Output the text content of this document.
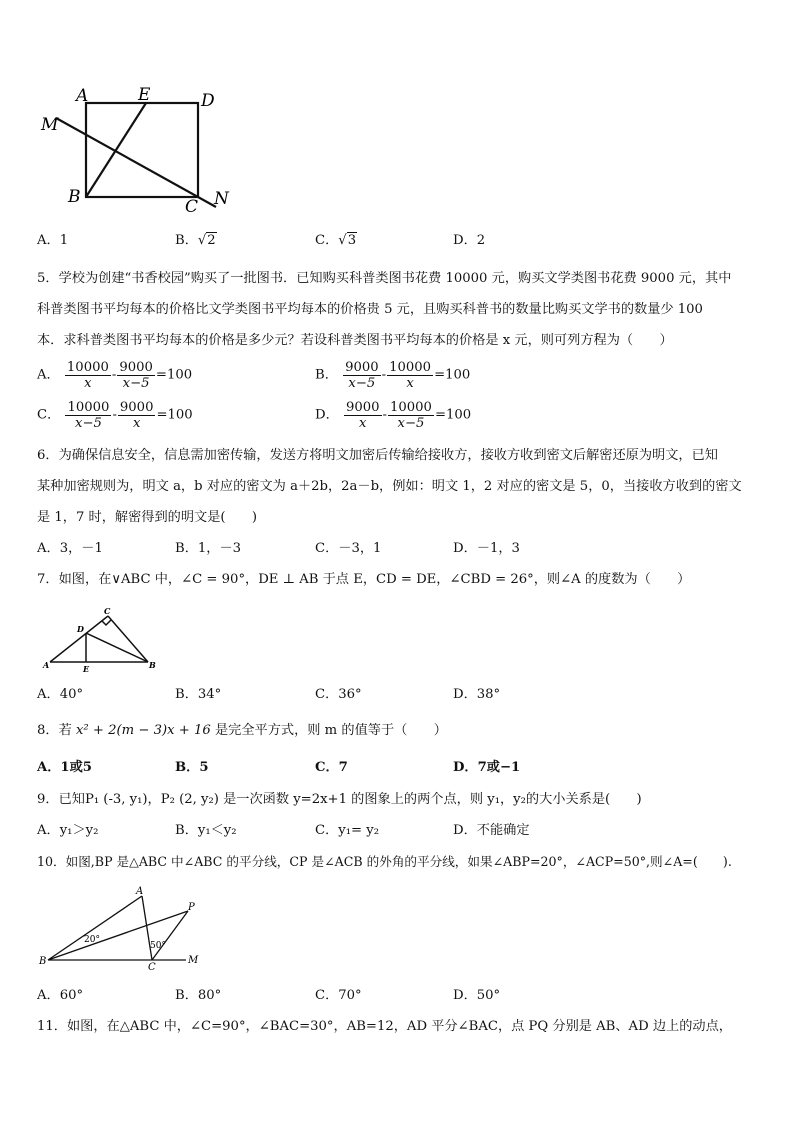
A	E	D
M
B	C N
A．1	B．√2	C．√3	D．2
5．学校为创建“书香校园”购买了一批图书．已知购买科普类图书花费 10000 元，购买文学类图书花费 9000 元，其中
科普类图书平均每本的价格比文学类图书平均每本的价格贵 5 元，且购买科普书的数量比购买文学书的数量少 100
本．求科普类图书平均每本的价格是多少元？若设科普类图书平均每本的价格是 x 元，则可列方程为（　　）
A． $\frac{10000}{x} - \frac{9000}{x-5} =100$	B． $\frac{9000}{x-5} - \frac{10000}{x} =100$
C． $\frac{10000}{x-5} - \frac{9000}{x} =100$	D． $\frac{9000}{x} - \frac{10000}{x-5} =100$
6．为确保信息安全，信息需加密传输，发送方将明文加密后传输给接收方，接收方收到密文后解密还原为明文，已知
某种加密规则为，明文 a，b 对应的密文为 a＋2b，2a－b，例如：明文 1，2 对应的密文是 5，0，当接收方收到的密文
是 1，7 时，解密得到的明文是(　　)
A．3，－1	B．1，－3	C．－3，1	D．－1，3
7．如图，在∨ABC 中，∠C = 90°，DE ⊥ AB 于点 E，CD = DE，∠CBD = 26°，则∠A 的度数为（　　）
C
D
A	E	B
A．40°	B．34°	C．36°	D．38°
8．若 x² + 2(m − 3)x + 16 是完全平方式，则 m 的值等于（　　）
A．1或5	B．5	C．7	D．7或−1
9．已知P₁ (-3, y₁)，P₂ (2, y₂) 是一次函数 y=2x+1 的图象上的两个点，则 y₁，y₂的大小关系是(　　)
A．y₁＞y₂	B．y₁＜y₂	C．y₁= y₂	D．不能确定
10．如图,BP 是△ABC 中∠ABC 的平分线，CP 是∠ACB 的外角的平分线，如果∠ABP=20°，∠ACP=50°,则∠A=(　　).
A
P
B
C
M
20°
50°
A．60°	B．80°	C．70°	D．50°
11．如图，在△ABC 中，∠C=90°，∠BAC=30°，AB=12，AD 平分∠BAC，点 PQ 分别是 AB、AD 边上的动点，
